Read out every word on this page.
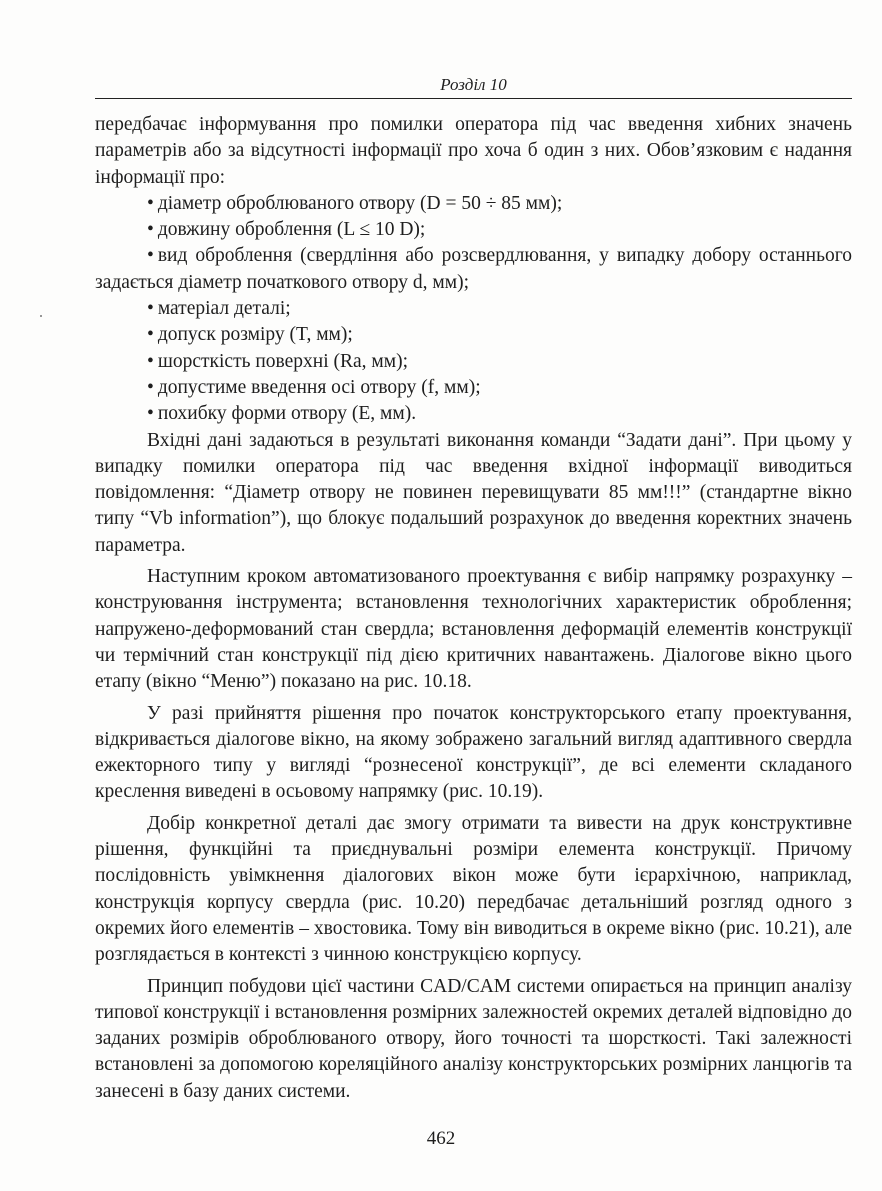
Розділ 10

передбачає інформування про помилки оператора під час введення хибних значень параметрів або за відсутності інформації про хоча б один з них. Обов’язковим є надання інформації про:

• діаметр оброблюваного отвору (D = 50 ÷ 85 мм);
• довжину оброблення (L ≤ 10 D);
• вид оброблення (свердління або розсвердлювання, у випадку добору останнього задається діаметр початкового отвору d, мм);
• матеріал деталі;
• допуск розміру (T, мм);
• шорсткість поверхні (Ra, мм);
• допустиме введення осі отвору (f, мм);
• похибку форми отвору (E, мм).

Вхідні дані задаються в результаті виконання команди “Задати дані”. При цьому у випадку помилки оператора під час введення вхідної інформації виводиться повідомлення: “Діаметр отвору не повинен перевищувати 85 мм!!!” (стандартне вікно типу “Vb information”), що блокує подальший розрахунок до введення коректних значень параметра.

Наступним кроком автоматизованого проектування є вибір напрямку розрахунку – конструювання інструмента; встановлення технологічних характеристик оброблення; напружено-деформований стан свердла; встановлення деформацій елементів конструкції чи термічний стан конструкції під дією критичних навантажень. Діалогове вікно цього етапу (вікно “Меню”) показано на рис. 10.18.

У разі прийняття рішення про початок конструкторського етапу проектування, відкривається діалогове вікно, на якому зображено загальний вигляд адаптивного свердла ежекторного типу у вигляді “рознесеної конструкції”, де всі елементи складаного креслення виведені в осьовому напрямку (рис. 10.19).

Добір конкретної деталі дає змогу отримати та вивести на друк конструктивне рішення, функційні та приєднувальні розміри елемента конструкції. Причому послідовність увімкнення діалогових вікон може бути ієрархічною, наприклад, конструкція корпусу свердла (рис. 10.20) передбачає детальніший розгляд одного з окремих його елементів – хвостовика. Тому він виводиться в окреме вікно (рис. 10.21), але розглядається в контексті з чинною конструкцією корпусу.

Принцип побудови цієї частини CAD/CAM системи опирається на принцип аналізу типової конструкції і встановлення розмірних залежностей окремих деталей відповідно до заданих розмірів оброблюваного отвору, його точності та шорсткості. Такі залежності встановлені за допомогою кореляційного аналізу конструкторських розмірних ланцюгів та занесені в базу даних системи.

462
